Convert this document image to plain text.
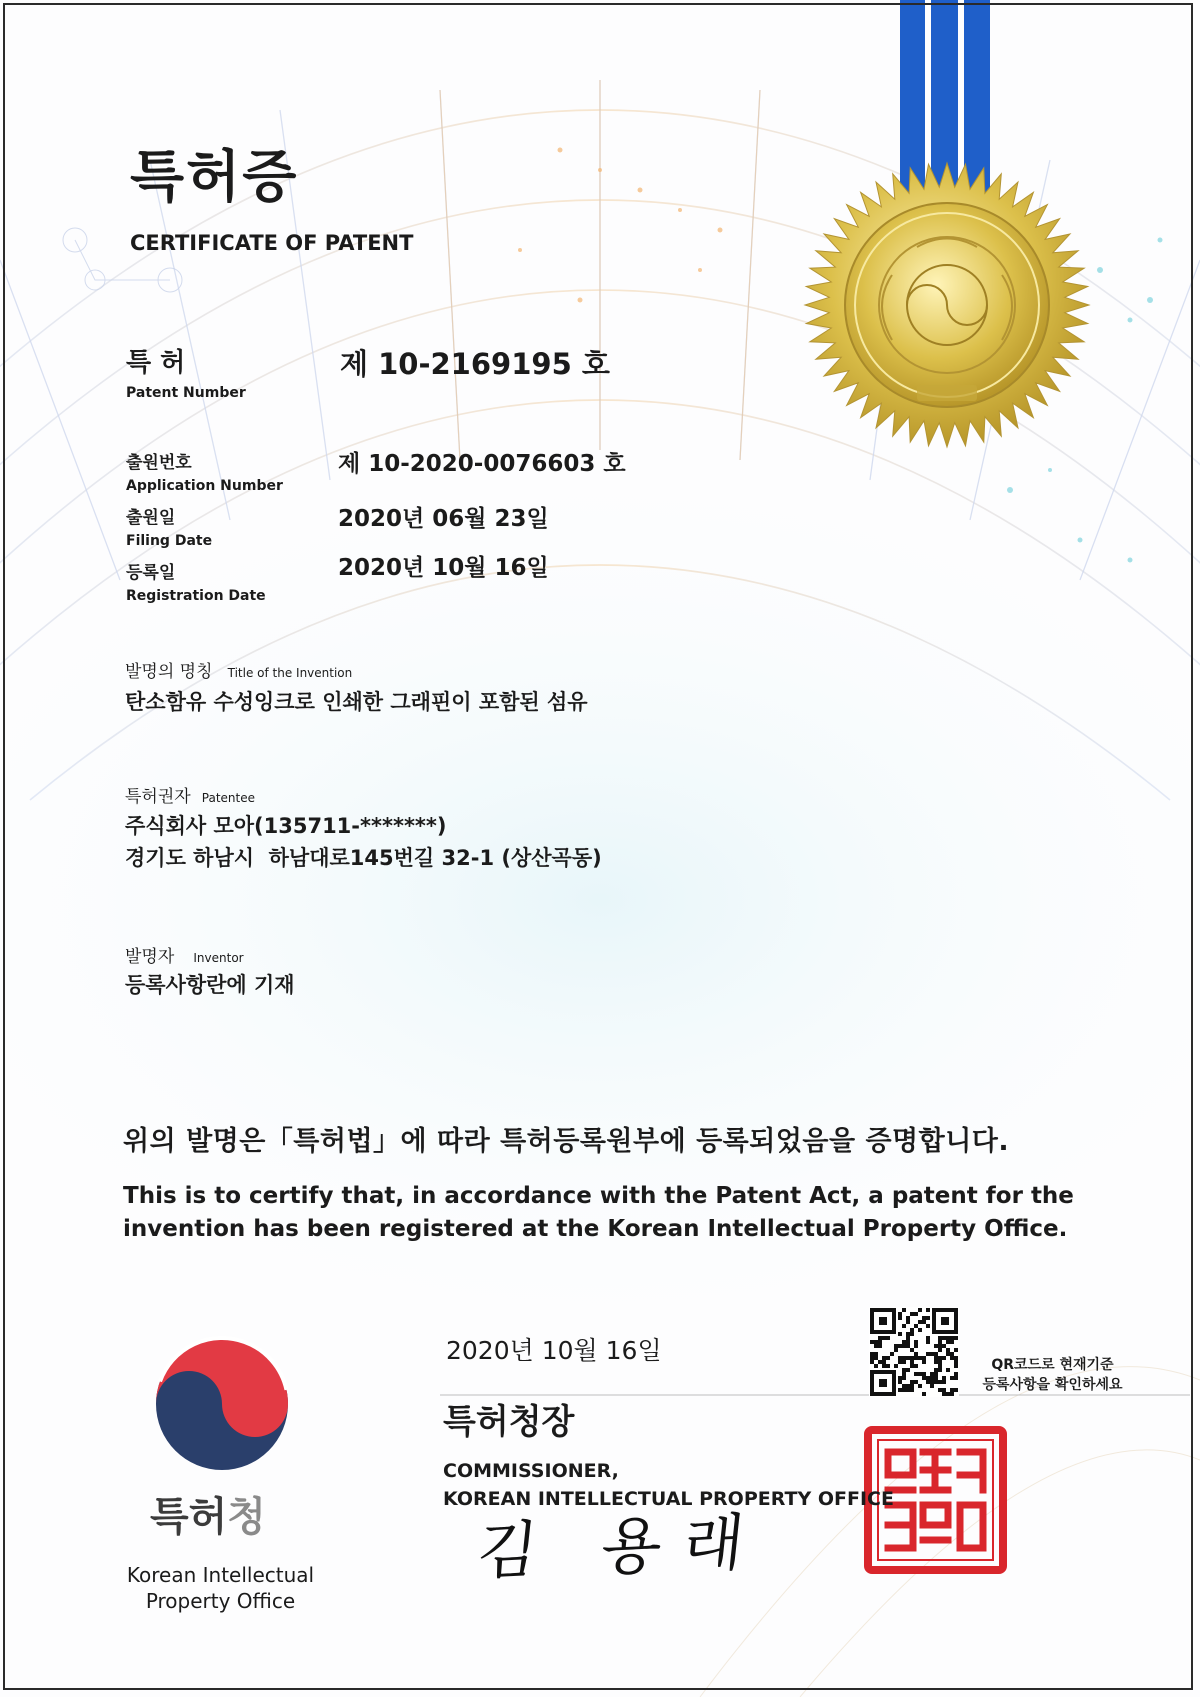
특허증
CERTIFICATE OF PATENT
특 허
Patent Number
제 10-2169195 호
출원번호
Application Number
제 10-2020-0076603 호
출원일
Filing Date
2020년 06월 23일
등록일
Registration Date
2020년 10월 16일
발명의 명칭 Title of the Invention
탄소함유 수성잉크로 인쇄한 그래핀이 포함된 섬유
특허권자 Patentee
주식회사 모아(135711-*******)
경기도 하남시  하남대로145번길 32-1 (상산곡동)
발명자 Inventor
등록사항란에 기재
위의 발명은「특허법」에 따라 특허등록원부에 등록되었음을 증명합니다.
This is to certify that, in accordance with the Patent Act, a patent for the
invention has been registered at the Korean Intellectual Property Office.
2020년 10월 16일	QR코드로 현재기준
등록사항을 확인하세요
특허청장
COMMISSIONER,
KOREAN INTELLECTUAL PROPERTY OFFICE
김 용래
특허청
Korean Intellectual
Property Office
